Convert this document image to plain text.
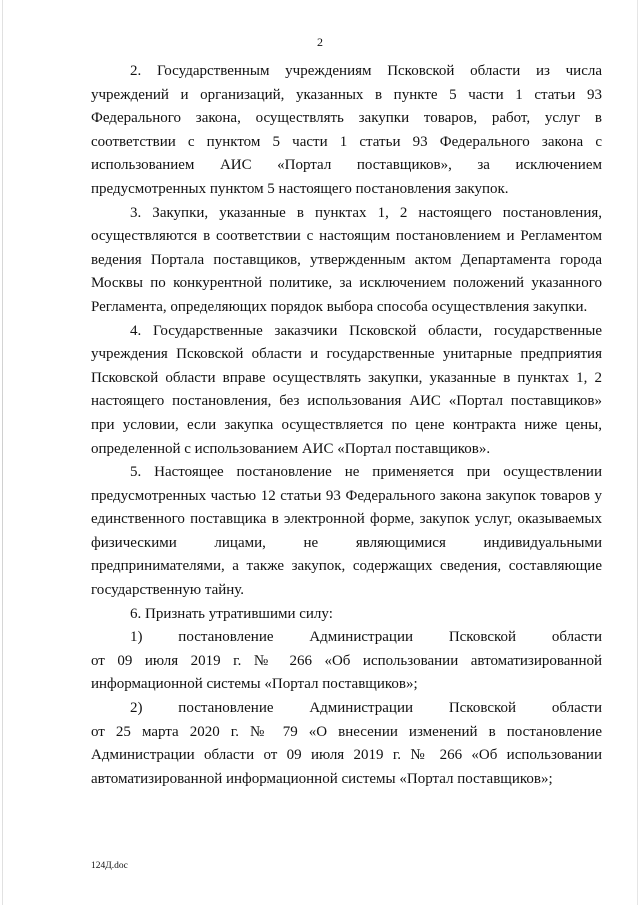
2

2. Государственным учреждениям Псковской области из числа учреждений и организаций, указанных в пункте 5 части 1 статьи 93 Федерального закона, осуществлять закупки товаров, работ, услуг в соответствии с пунктом 5 части 1 статьи 93 Федерального закона с использованием АИС «Портал поставщиков», за исключением предусмотренных пунктом 5 настоящего постановления закупок.

3. Закупки, указанные в пунктах 1, 2 настоящего постановления, осуществляются в соответствии с настоящим постановлением и Регламентом ведения Портала поставщиков, утвержденным актом Департамента города Москвы по конкурентной политике, за исключением положений указанного Регламента, определяющих порядок выбора способа осуществления закупки.

4. Государственные заказчики Псковской области, государственные учреждения Псковской области и государственные унитарные предприятия Псковской области вправе осуществлять закупки, указанные в пунктах 1, 2 настоящего постановления, без использования АИС «Портал поставщиков» при условии, если закупка осуществляется по цене контракта ниже цены, определенной с использованием АИС «Портал поставщиков».

5. Настоящее постановление не применяется при осуществлении предусмотренных частью 12 статьи 93 Федерального закона закупок товаров у единственного поставщика в электронной форме, закупок услуг, оказываемых физическими лицами, не являющимися индивидуальными предпринимателями, а также закупок, содержащих сведения, составляющие государственную тайну.

6. Признать утратившими силу:

1) постановление Администрации Псковской области

от 09 июля 2019 г. № 266 «Об использовании автоматизированной информационной системы «Портал поставщиков»;

2) постановление Администрации Псковской области

от 25 марта 2020 г. № 79 «О внесении изменений в постановление Администрации области от 09 июля 2019 г. № 266 «Об использовании автоматизированной информационной системы «Портал поставщиков»;

124Д.doc
